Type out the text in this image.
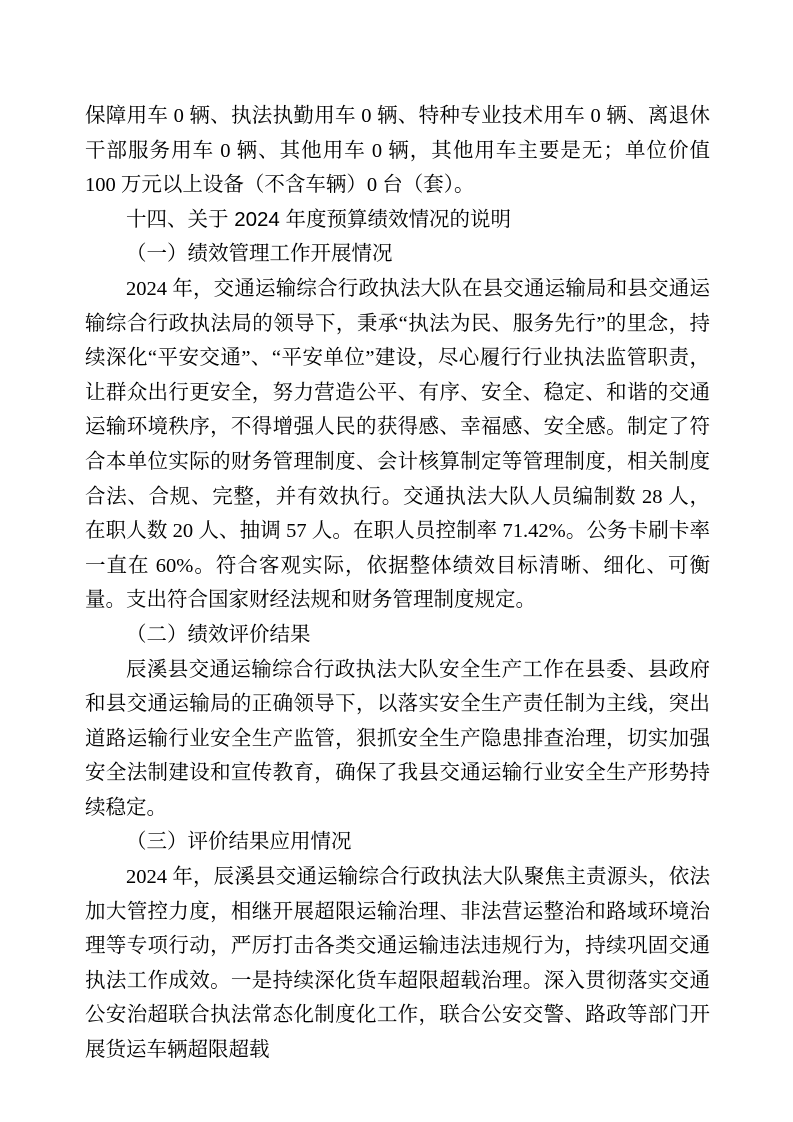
保障用车 0 辆、执法执勤用车 0 辆、特种专业技术用车 0 辆、离退休干部服务用车 0 辆、其他用车 0 辆，其他用车主要是无；单位价值 100 万元以上设备（不含车辆）0 台（套）。

十四、关于 2024 年度预算绩效情况的说明
（一）绩效管理工作开展情况

2024 年，交通运输综合行政执法大队在县交通运输局和县交通运输综合行政执法局的领导下，秉承“执法为民、服务先行”的里念，持续深化“平安交通”、“平安单位”建设，尽心履行行业执法监管职责，让群众出行更安全，努力营造公平、有序、安全、稳定、和谐的交通运输环境秩序，不得增强人民的获得感、幸福感、安全感。制定了符合本单位实际的财务管理制度、会计核算制定等管理制度，相关制度合法、合规、完整，并有效执行。交通执法大队人员编制数 28 人，在职人数 20 人、抽调 57 人。在职人员控制率 71.42%。公务卡刷卡率一直在 60%。符合客观实际，依据整体绩效目标清晰、细化、可衡量。支出符合国家财经法规和财务管理制度规定。

（二）绩效评价结果

辰溪县交通运输综合行政执法大队安全生产工作在县委、县政府和县交通运输局的正确领导下，以落实安全生产责任制为主线，突出道路运输行业安全生产监管，狠抓安全生产隐患排查治理，切实加强安全法制建设和宣传教育，确保了我县交通运输行业安全生产形势持续稳定。

（三）评价结果应用情况

2024 年，辰溪县交通运输综合行政执法大队聚焦主责源头，依法加大管控力度，相继开展超限运输治理、非法营运整治和路域环境治理等专项行动，严厉打击各类交通运输违法违规行为，持续巩固交通执法工作成效。一是持续深化货车超限超载治理。深入贯彻落实交通公安治超联合执法常态化制度化工作，联合公安交警、路政等部门开展货运车辆超限超载
